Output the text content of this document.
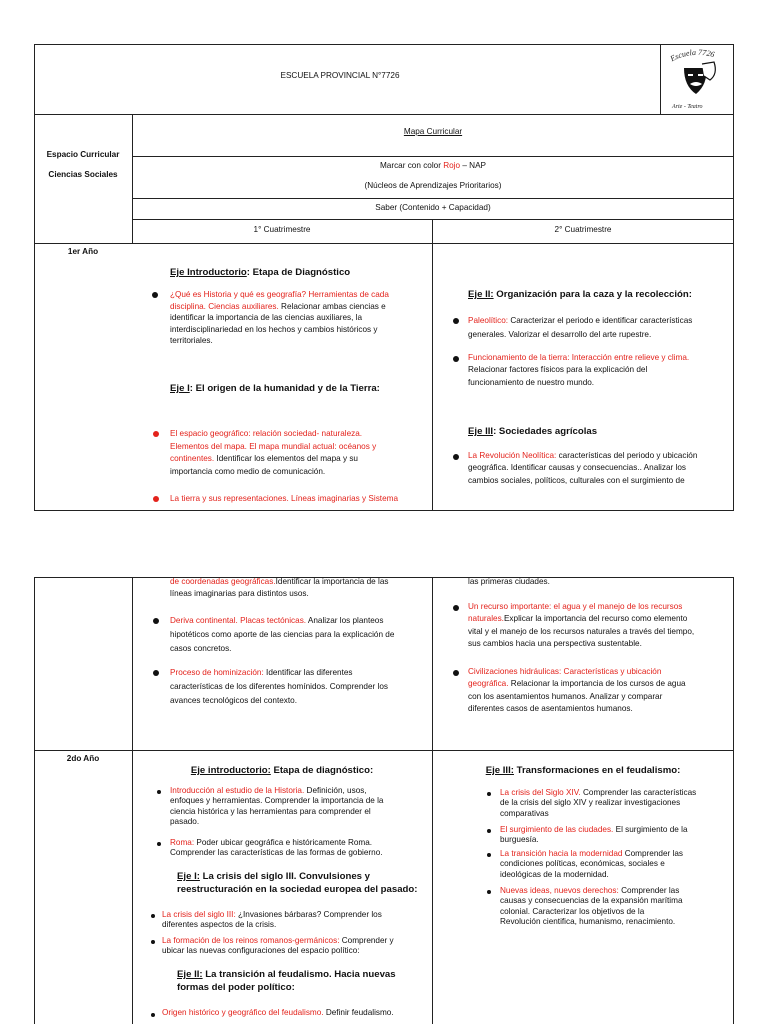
ESCUELA PROVINCIAL N°7726
Escuela 7726
Arte - Teatro
Espacio Curricular
Ciencias Sociales
Mapa Curricular
Marcar con color Rojo – NAP
(Núcleos de Aprendizajes Prioritarios)
Saber (Contenido + Capacidad)
1° Cuatrimestre	2° Cuatrimestre
1er Año
Eje Introductorio: Etapa de Diagnóstico
¿Qué es Historia y qué es geografía? Herramientas de cada
disciplina. Ciencias auxiliares. Relacionar ambas ciencias e
identificar la importancia de las ciencias auxiliares, la
interdisciplinariedad en los hechos y cambios históricos y
territoriales.
Eje I: El origen de la humanidad y de la Tierra:
El espacio geográfico: relación sociedad- naturaleza.
Elementos del mapa. El mapa mundial actual: océanos y
continentes. Identificar los elementos del mapa y su
importancia como medio de comunicación.
La tierra y sus representaciones. Líneas imaginarias y Sistema
Eje II: Organización para la caza y la recolección:
Paleolítico: Caracterizar el periodo e identificar características
generales. Valorizar el desarrollo del arte rupestre.
Funcionamiento de la tierra: Interacción entre relieve y clima.
Relacionar factores físicos para la explicación del
funcionamiento de nuestro mundo.
Eje III: Sociedades agrícolas
La Revolución Neolítica: características del periodo y ubicación
geográfica. Identificar causas y consecuencias.. Analizar los
cambios sociales, políticos, culturales con el surgimiento de
de coordenadas geográficas.Identificar la importancia de las
líneas imaginarias para distintos usos.
Deriva continental. Placas tectónicas. Analizar los planteos
hipotéticos como aporte de las ciencias para la explicación de
casos concretos.
Proceso de hominización: Identificar las diferentes
características de los diferentes homínidos. Comprender los
avances tecnológicos del contexto.
las primeras ciudades.
Un recurso importante: el agua y el manejo de los recursos
naturales.Explicar la importancia del recurso como elemento
vital y el manejo de los recursos naturales a través del tiempo,
sus cambios hacia una perspectiva sustentable.
Civilizaciones hidráulicas: Características y ubicación
geográfica. Relacionar la importancia de los cursos de agua
con los asentamientos humanos. Analizar y comparar
diferentes casos de asentamientos humanos.
2do Año
Eje introductorio: Etapa de diagnóstico:
Introducción al estudio de la Historia. Definición, usos,
enfoques y herramientas. Comprender la importancia de la
ciencia histórica y las herramientas para comprender el
pasado.
Roma: Poder ubicar geográfica e históricamente Roma.
Comprender las características de las formas de gobierno.
Eje I: La crisis del siglo III. Convulsiones y
reestructuración en la sociedad europea del pasado:
La crisis del siglo III: ¿Invasiones bárbaras? Comprender los
diferentes aspectos de la crisis.
La formación de los reinos romanos-germánicos: Comprender y
ubicar las nuevas configuraciones del espacio político:
Eje II: La transición al feudalismo. Hacia nuevas
formas del poder político:
Origen histórico y geográfico del feudalismo. Definir feudalismo.
Eje III: Transformaciones en el feudalismo:
La crisis del Siglo XIV. Comprender las características
de la crisis del siglo XIV y realizar investigaciones
comparativas
El surgimiento de las ciudades. El surgimiento de la
burguesía.
La transición hacia la modernidad Comprender las
condiciones políticas, económicas, sociales e
ideológicas de la modernidad.
Nuevas ideas, nuevos derechos: Comprender las
causas y consecuencias de la expansión marítima
colonial. Caracterizar los objetivos de la
Revolución cientifica, humanismo, renacimiento.
